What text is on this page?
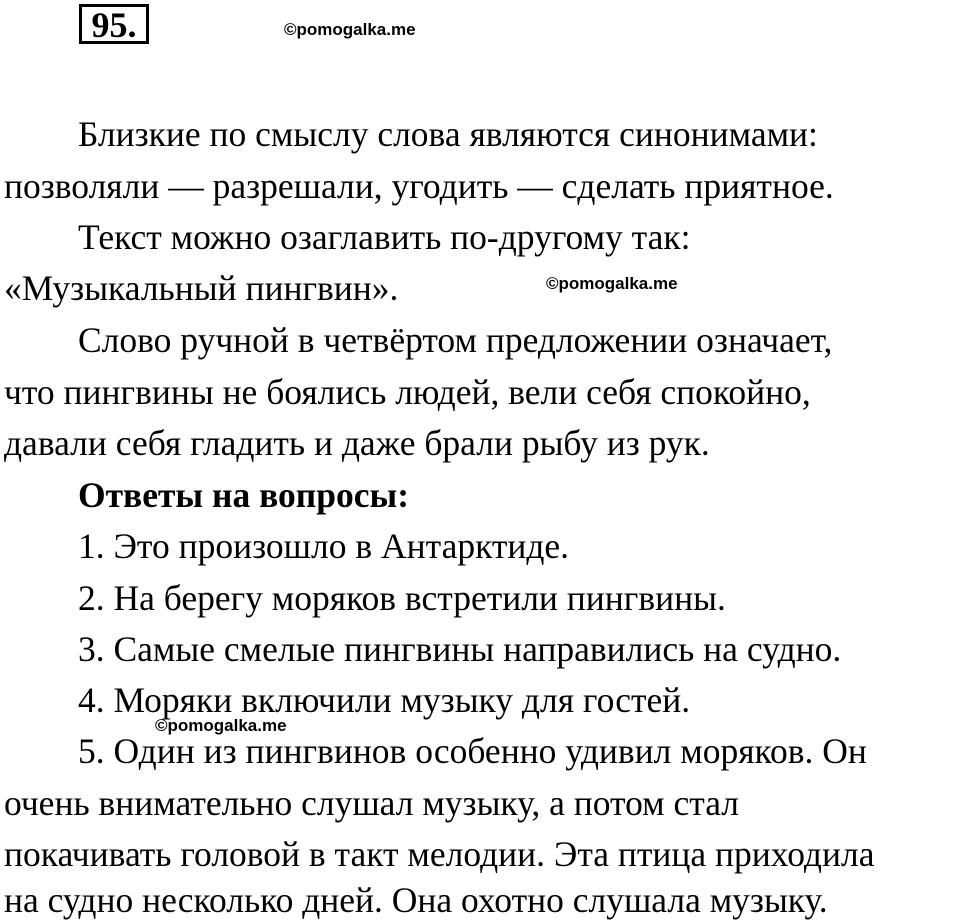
95.	©pomogalka.me
Близкие по смыслу слова являются синонимами:
позволяли — разрешали, угодить — сделать приятное.
Текст можно озаглавить по-другому так:
«Музыкальный пингвин».	©pomogalka.me
Слово ручной в четвёртом предложении означает,
что пингвины не боялись людей, вели себя спокойно,
давали себя гладить и даже брали рыбу из рук.
Ответы на вопросы:
1. Это произошло в Антарктиде.
2. На берегу моряков встретили пингвины.
3. Самые смелые пингвины направились на судно.
4. Моряки включили музыку для гостей.
©pomogalka.me
5. Один из пингвинов особенно удивил моряков. Он
очень внимательно слушал музыку, а потом стал
покачивать головой в такт мелодии. Эта птица приходила
на судно несколько дней. Она охотно слушала музыку.
